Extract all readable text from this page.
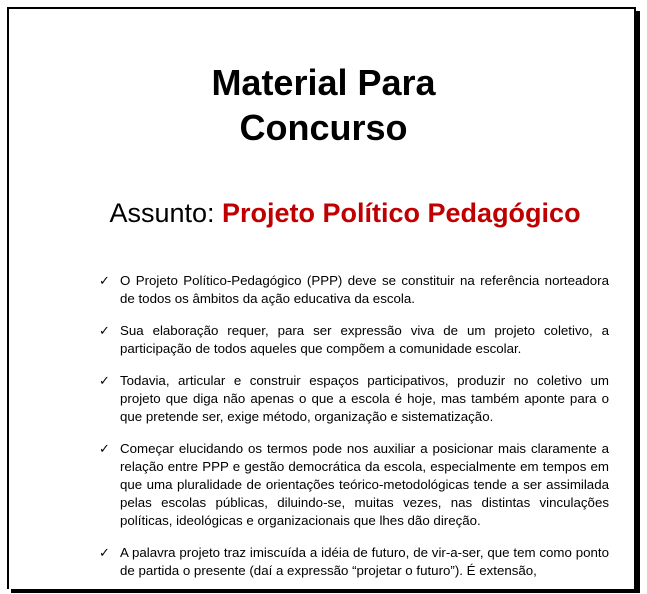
Material Para
Concurso
Assunto: Projeto Político Pedagógico
✓ O Projeto Político-Pedagógico (PPP) deve se constituir na referência norteadora de todos os âmbitos da ação educativa da escola.
✓ Sua elaboração requer, para ser expressão viva de um projeto coletivo, a participação de todos aqueles que compõem a comunidade escolar.
✓ Todavia, articular e construir espaços participativos, produzir no coletivo um projeto que diga não apenas o que a escola é hoje, mas também aponte para o que pretende ser, exige método, organização e sistematização.
✓ Começar elucidando os termos pode nos auxiliar a posicionar mais claramente a relação entre PPP e gestão democrática da escola, especialmente em tempos em que uma pluralidade de orientações teórico-metodológicas tende a ser assimilada pelas escolas públicas, diluindo-se, muitas vezes, nas distintas vinculações políticas, ideológicas e organizacionais que lhes dão direção.
✓ A palavra projeto traz imiscuída a idéia de futuro, de vir-a-ser, que tem como ponto de partida o presente (daí a expressão “projetar o futuro”). É extensão,
